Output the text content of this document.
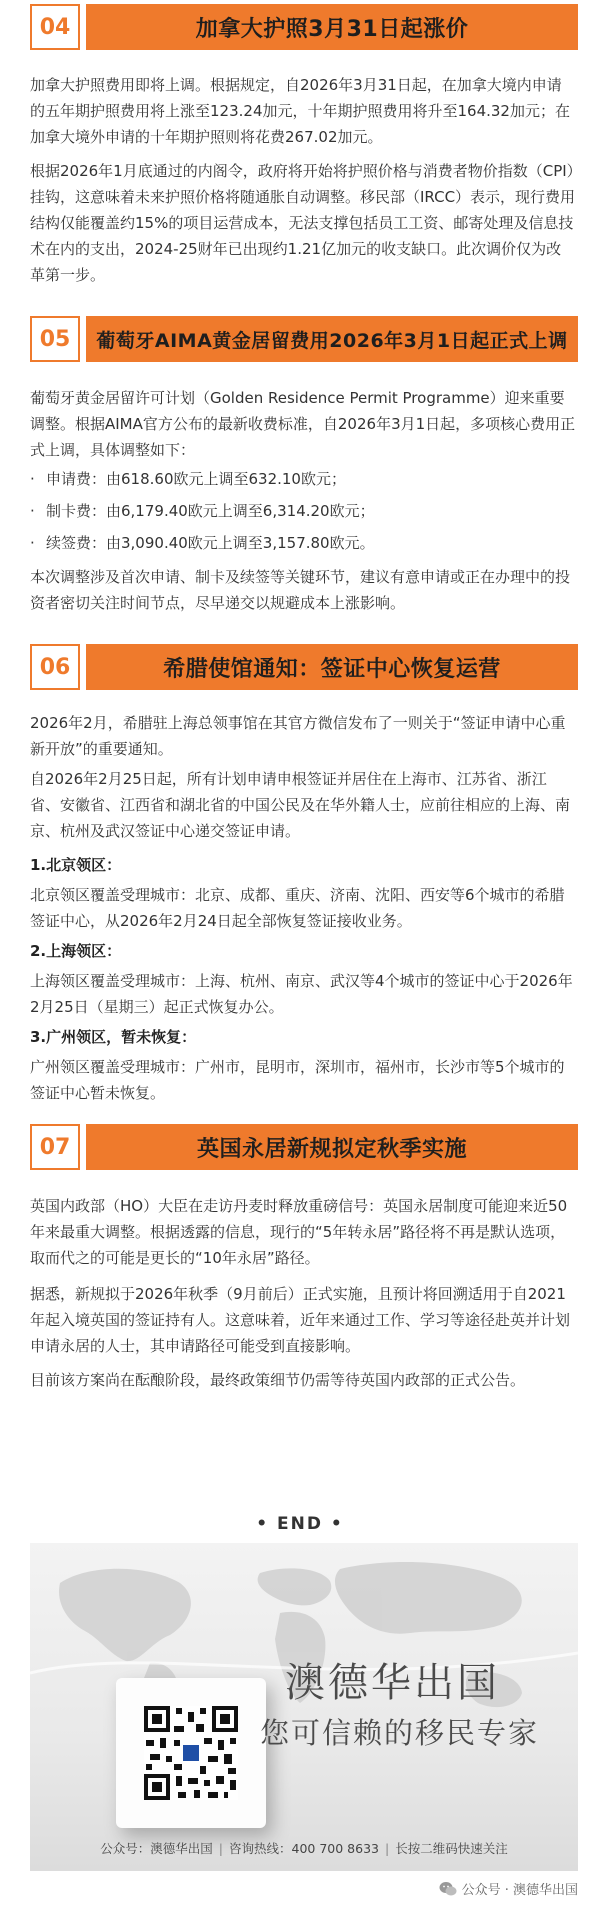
04	加拿大护照3月31日起涨价

加拿大护照费用即将上调。根据规定，自2026年3月31日起，在加拿大境内申请的五年期护照费用将上涨至123.24加元，十年期护照费用将升至164.32加元；在加拿大境外申请的十年期护照则将花费267.02加元。

根据2026年1月底通过的内阁令，政府将开始将护照价格与消费者物价指数（CPI）挂钩，这意味着未来护照价格将随通胀自动调整。移民部（IRCC）表示，现行费用结构仅能覆盖约15%的项目运营成本，无法支撑包括员工工资、邮寄处理及信息技术在内的支出，2024-25财年已出现约1.21亿加元的收支缺口。此次调价仅为改革第一步。

05	葡萄牙AIMA黄金居留费用2026年3月1日起正式上调

葡萄牙黄金居留许可计划（Golden Residence Permit Programme）迎来重要调整。根据AIMA官方公布的最新收费标准，自2026年3月1日起，多项核心费用正式上调，具体调整如下：

· 申请费：由618.60欧元上调至632.10欧元；
· 制卡费：由6,179.40欧元上调至6,314.20欧元；
· 续签费：由3,090.40欧元上调至3,157.80欧元。

本次调整涉及首次申请、制卡及续签等关键环节，建议有意申请或正在办理中的投资者密切关注时间节点，尽早递交以规避成本上涨影响。

06	希腊使馆通知：签证中心恢复运营

2026年2月，希腊驻上海总领事馆在其官方微信发布了一则关于“签证申请中心重新开放”的重要通知。

自2026年2月25日起，所有计划申请申根签证并居住在上海市、江苏省、浙江省、安徽省、江西省和湖北省的中国公民及在华外籍人士，应前往相应的上海、南京、杭州及武汉签证中心递交签证申请。

1.北京领区：

北京领区覆盖受理城市：北京、成都、重庆、济南、沈阳、西安等6个城市的希腊签证中心，从2026年2月24日起全部恢复签证接收业务。

2.上海领区：

上海领区覆盖受理城市：上海、杭州、南京、武汉等4个城市的签证中心于2026年2月25日（星期三）起正式恢复办公。

3.广州领区，暂未恢复：

广州领区覆盖受理城市：广州市，昆明市，深圳市，福州市，长沙市等5个城市的签证中心暂未恢复。

07	英国永居新规拟定秋季实施

英国内政部（HO）大臣在走访丹麦时释放重磅信号：英国永居制度可能迎来近50年来最重大调整。根据透露的信息，现行的“5年转永居”路径将不再是默认选项，取而代之的可能是更长的“10年永居”路径。

据悉，新规拟于2026年秋季（9月前后）正式实施，且预计将回溯适用于自2021年起入境英国的签证持有人。这意味着，近年来通过工作、学习等途径赴英并计划申请永居的人士，其申请路径可能受到直接影响。

目前该方案尚在酝酿阶段，最终政策细节仍需等待英国内政部的正式公告。

• END •
澳德华出国
您可信赖的移民专家
公众号：澳德华出国 | 咨询热线：400 700 8633 | 长按二维码快速关注
公众号 · 澳德华出国
